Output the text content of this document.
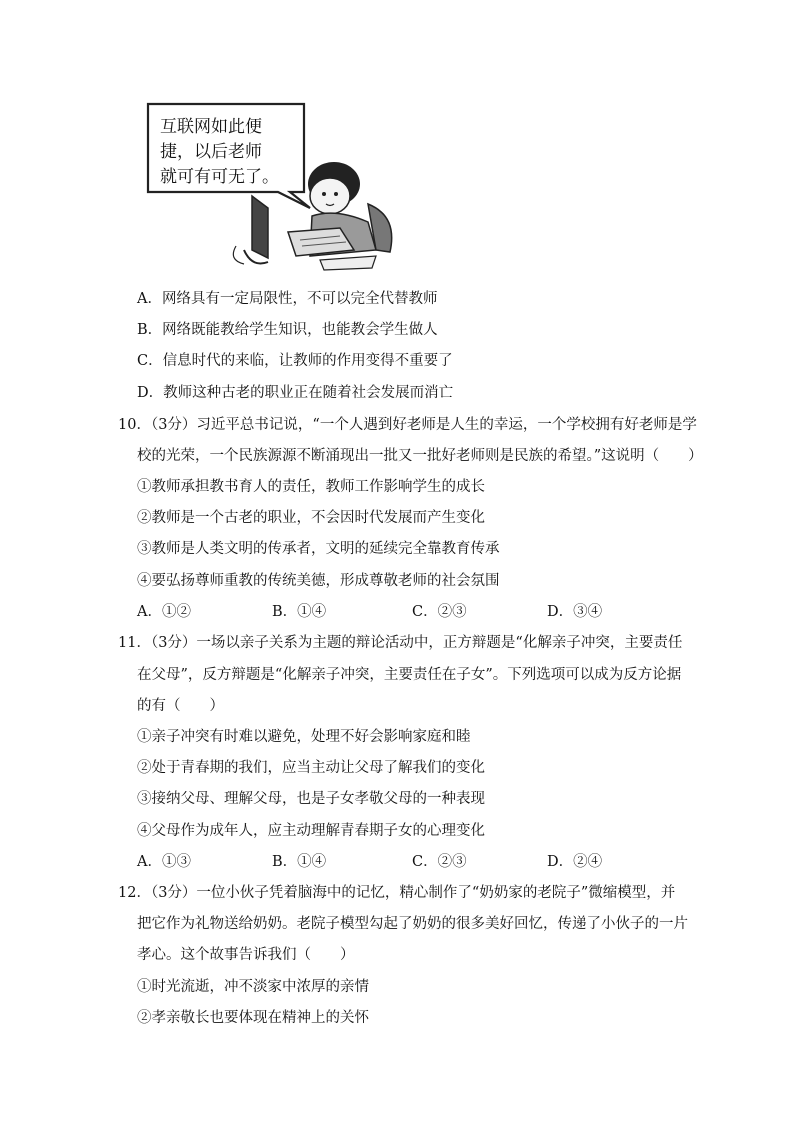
互联网如此便
捷，以后老师
就可有可无了。
A．网络具有一定局限性，不可以完全代替教师
B．网络既能教给学生知识，也能教会学生做人
C．信息时代的来临，让教师的作用变得不重要了
D．教师这种古老的职业正在随着社会发展而消亡
10．（3分）习近平总书记说，“一个人遇到好老师是人生的幸运，一个学校拥有好老师是学
校的光荣，一个民族源源不断涌现出一批又一批好老师则是民族的希望。”这说明（　　）
①教师承担教书育人的责任，教师工作影响学生的成长
②教师是一个古老的职业，不会因时代发展而产生变化
③教师是人类文明的传承者，文明的延续完全靠教育传承
④要弘扬尊师重教的传统美德，形成尊敬老师的社会氛围
A．①②	B．①④	C．②③	D．③④
11．（3分）一场以亲子关系为主题的辩论活动中，正方辩题是“化解亲子冲突，主要责任
在父母”，反方辩题是“化解亲子冲突，主要责任在子女”。下列选项可以成为反方论据
的有（　　）
①亲子冲突有时难以避免，处理不好会影响家庭和睦
②处于青春期的我们，应当主动让父母了解我们的变化
③接纳父母、理解父母，也是子女孝敬父母的一种表现
④父母作为成年人，应主动理解青春期子女的心理变化
A．①③	B．①④	C．②③	D．②④
12．（3分）一位小伙子凭着脑海中的记忆，精心制作了“奶奶家的老院子”微缩模型，并
把它作为礼物送给奶奶。老院子模型勾起了奶奶的很多美好回忆，传递了小伙子的一片
孝心。这个故事告诉我们（　　）
①时光流逝，冲不淡家中浓厚的亲情
②孝亲敬长也要体现在精神上的关怀
